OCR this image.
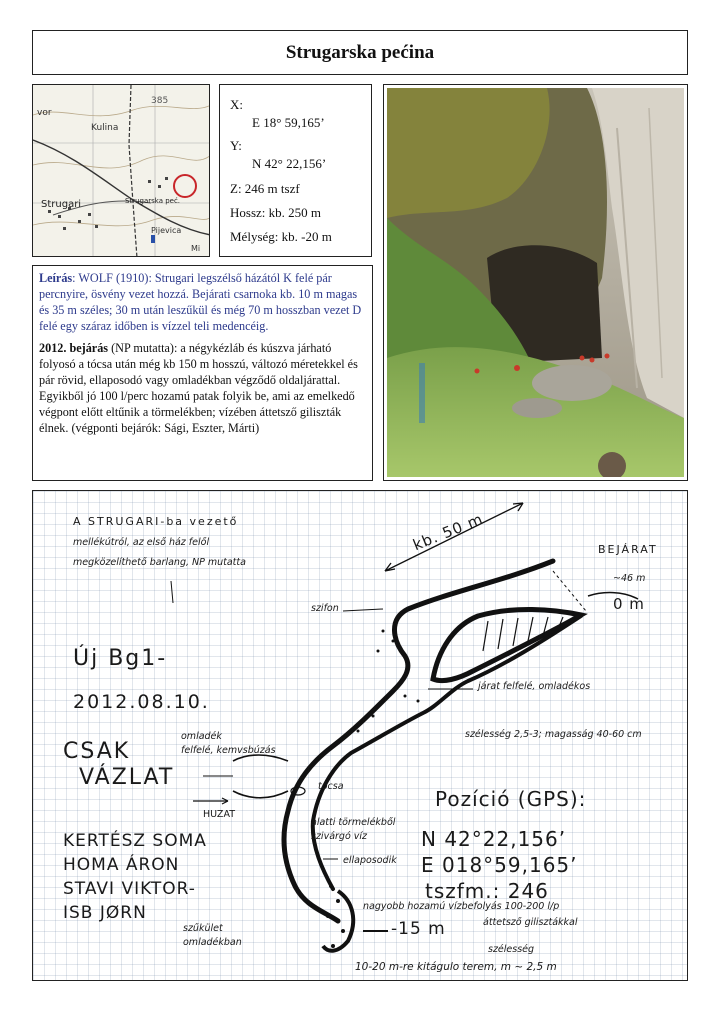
Strugarska pećina
385
vor
Kulina
Strugari	Strugarska peć.
Pijevica
Mi
X:
E 18° 59,165’
Y:
N 42° 22,156’
Z: 246 m tszf
Hossz: kb. 250 m
Mélység: kb. -20 m

Leírás: WOLF (1910): Strugari legszélső házától K felé pár percnyire, ösvény vezet hozzá. Bejárati csarnoka kb. 10 m magas és 35 m széles; 30 m után leszűkül és még 70 m hosszban vezet D felé egy száraz időben is vízzel teli medencéig.

2012. bejárás (NP mutatta): a négykézláb és kúszva járható folyosó a tócsa után még kb 150 m hosszú, változó méretekkel és pár rövid, ellaposodó vagy omladékban végződő oldaljárattal. Egyikből jó 100 l/perc hozamú patak folyik be, ami az emelkedő végpont előtt eltűnik a törmelékben; vízében áttetsző giliszták élnek. (végponti bejárók: Sági, Eszter, Márti)

A STRUGARI-ba vezető
mellékútról, az első ház felől
megközelíthető barlang, NP mutatta
kb. 50 m	BEJÁRAT
~46 m
0 m
szifon
Új Bg1-
2012.08.10.
CSAK
VÁZLAT
omladék
felfelé, kemvsbúzás
HUZAT
tócsa
járat felfelé, omladékos
szélesség 2,5-3; magasság 40-60 cm
Pozíció (GPS):
N 42°22,156’
E 018°59,165’
tszfm.: 246
alatti törmelékből
szivárgó víz
ellaposodik
KERTÉSZ SOMA
HOMA ÁRON
STAVI VIKTOR-
ISB JØRN	nagyobb hozamú vízbefolyás 100-200 l/p
áttetsző gilisztákkal
-15 m
szűkület
omladékban
szélesség
10-20 m-re kitágulo terem, m ~ 2,5 m
